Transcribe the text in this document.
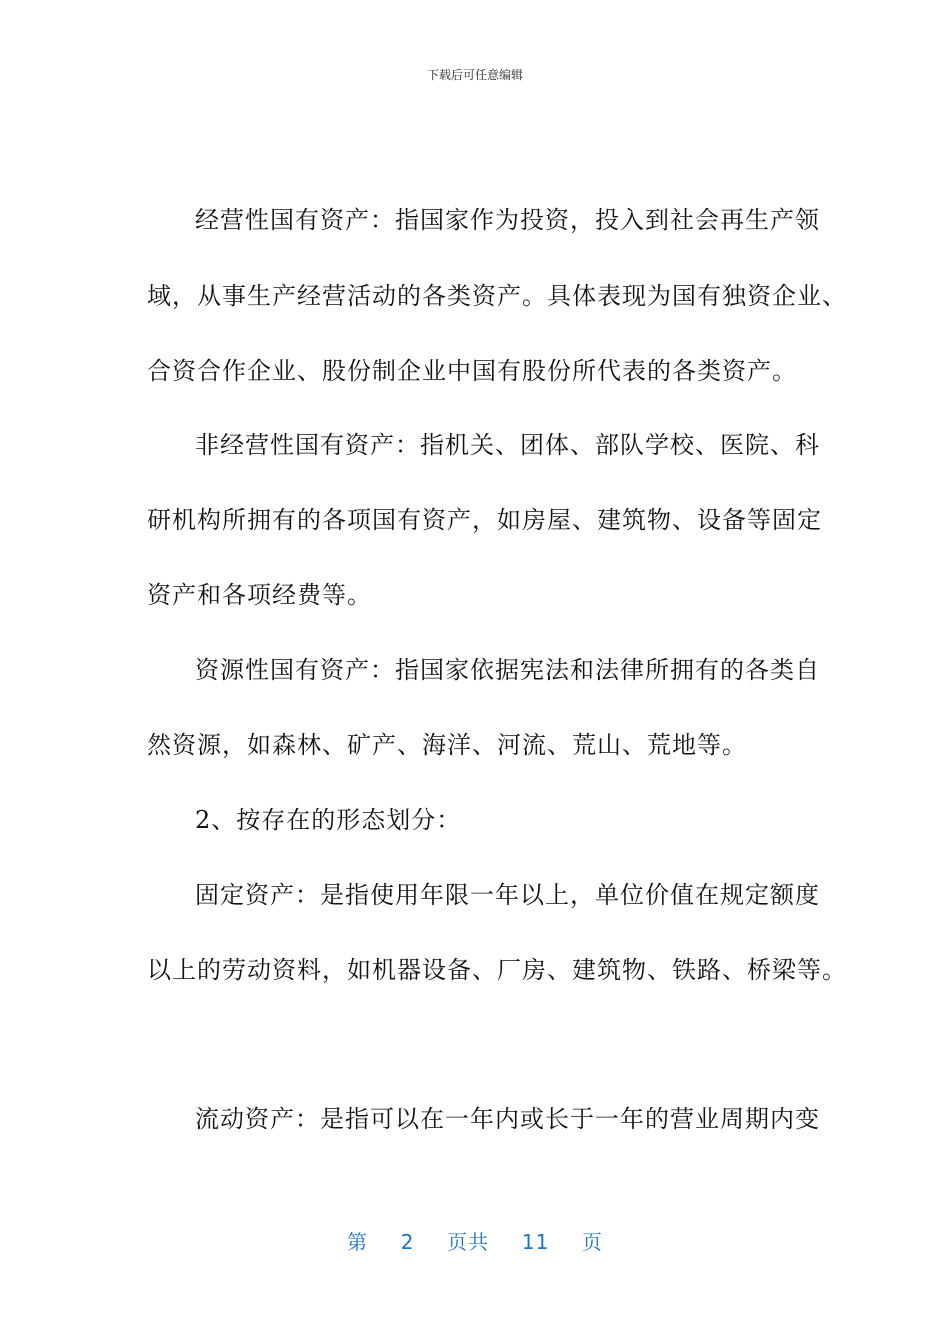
下载后可任意编辑
经营性国有资产：指国家作为投资，投入到社会再生产领
域，从事生产经营活动的各类资产。具体表现为国有独资企业、
合资合作企业、股份制企业中国有股份所代表的各类资产。
非经营性国有资产：指机关、团体、部队学校、医院、科
研机构所拥有的各项国有资产，如房屋、建筑物、设备等固定
资产和各项经费等。
资源性国有资产：指国家依据宪法和法律所拥有的各类自
然资源，如森林、矿产、海洋、河流、荒山、荒地等。
2、按存在的形态划分：
固定资产：是指使用年限一年以上，单位价值在规定额度
以上的劳动资料，如机器设备、厂房、建筑物、铁路、桥梁等。
流动资产：是指可以在一年内或长于一年的营业周期内变
第 2 页共 11 页
